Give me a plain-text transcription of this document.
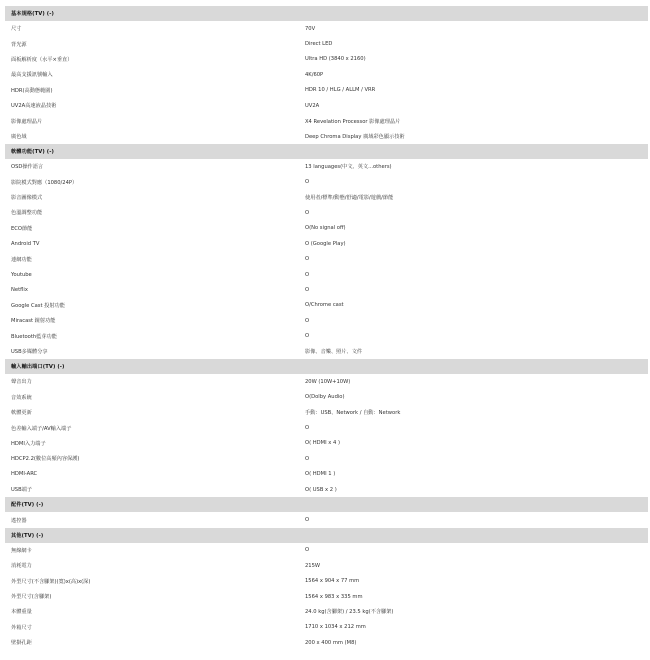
基本規格(TV) (-)
尺寸	70V
背光源	Direct LED
面板解析度（水平×垂直）	Ultra HD (3840 x 2160)
最高支援訊號輸入	4K/60P
HDR(高動態範圍)	HDR 10 / HLG / ALLM / VRR
UV2A高速液晶技術	UV2A
影像處理晶片	X4 Revelation Processor 影像處理晶片
廣色域	Deep Chroma Display 廣域彩色顯示技術
軟體功能(TV) (-)
OSD操作語言	13 languages(中文、英文...others)
影院模式對應（1080/24P）	O
影音圖像模式	使用者/標準/動態/舒適/電影/遊戲/節能
色溫調整功能	O
ECO節能	O(No signal off)
Android TV	O (Google Play)
連網功能	O
Youtube	O
Netflix	O
Google Cast 投射功能	O/Chrome cast
Miracast 鏡射功能	O
Bluetooth藍芽功能	O
USB多媒體分享	影像、音樂、照片、文件
輸入輸出端口(TV) (-)
聲音出力	20W (10W+10W)
音效系統	O(Dolby Audio)
軟體更新	手動：USB、Network / 自動：Network
色差輸入端子/AV輸入端子	O
HDMI入力端子	O( HDMI x 4 )
HDCP2.2(數位高頻內容保護)	O
HDMI-ARC	O( HDMI 1 )
USB端子	O( USB x 2 )
配件(TV) (-)
遙控器	O
其他(TV) (-)
無線網卡	O
消耗電力	215W
外型尺寸(不含腳架)(寬)x(高)x(深)	1564 x 904 x 77 mm
外型尺寸(含腳架)	1564 x 983 x 335 mm
本體重量	24.0 kg(含腳架) / 23.5 kg(不含腳架)
外箱尺寸	1710 x 1034 x 212 mm
壁掛孔距	200 x 400 mm (M8)
